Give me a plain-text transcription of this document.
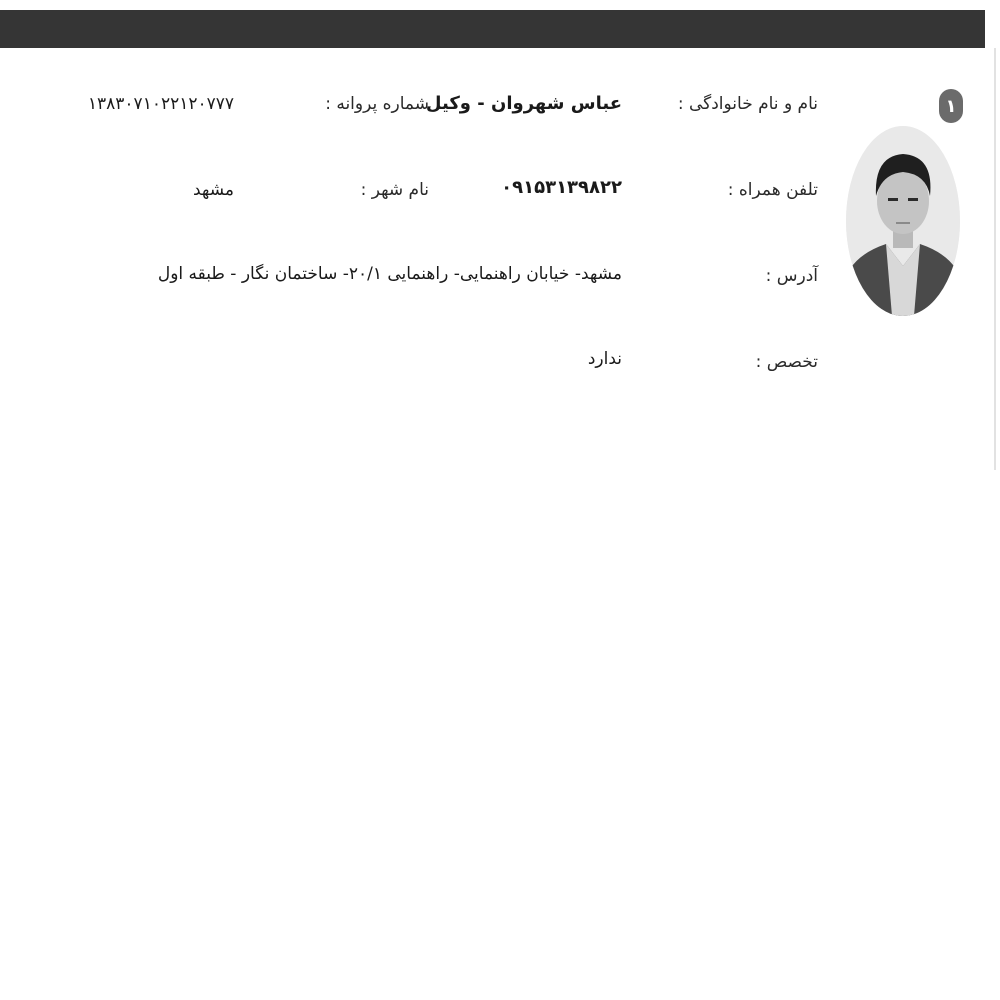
۱
نام و نام خانوادگی :
عباس شهروان - وکیل
شماره پروانه :
۱۳۸۳۰۷۱۰۲۲۱۲۰۷۷۷
تلفن همراه :
۰۹۱۵۳۱۳۹۸۲۲
نام شهر :
مشهد
آدرس :
مشهد- خیابان راهنمایی- راهنمایی ۲۰/۱- ساختمان نگار - طبقه اول
تخصص :
ندارد
